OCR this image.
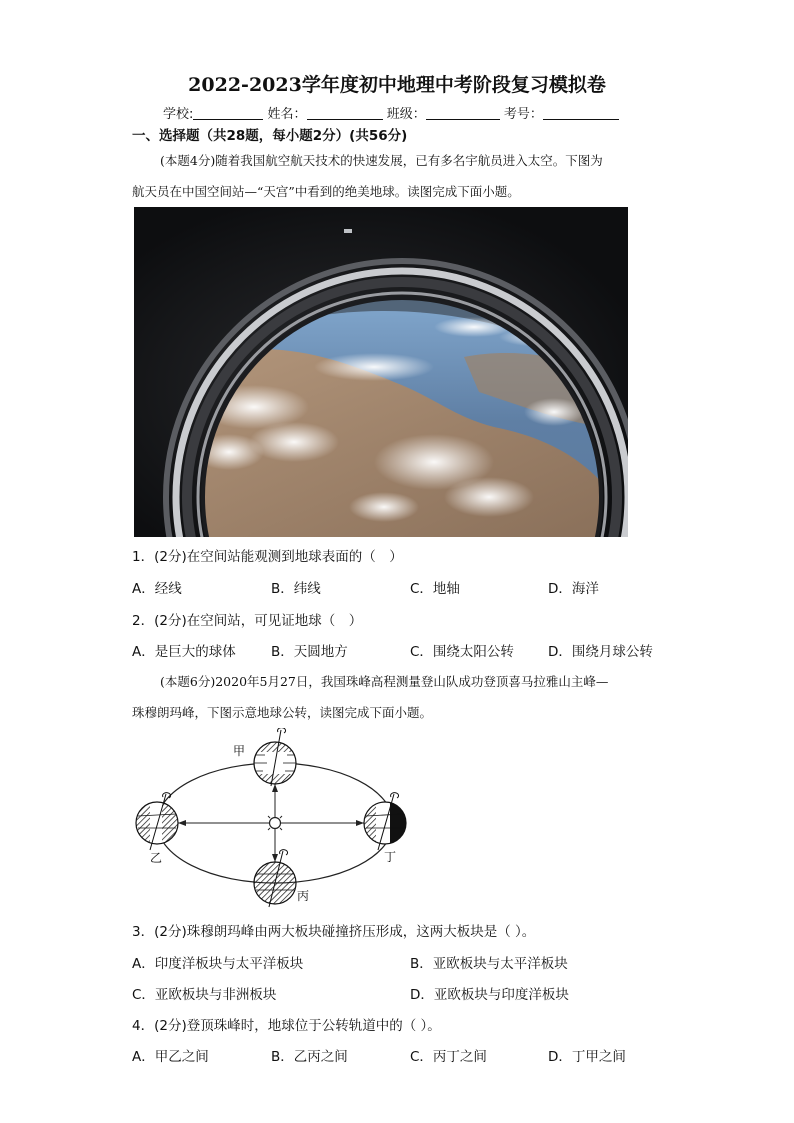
2022-2023学年度初中地理中考阶段复习模拟卷
学校:	姓名：	班级：	考号：
一、选择题（共28题，每小题2分）(共56分)
(本题4分)随着我国航空航天技术的快速发展，已有多名宇航员进入太空。下图为
航天员在中国空间站—“天宫”中看到的绝美地球。读图完成下面小题。
1．(2分)在空间站能观测到地球表面的（　）
A．经线	B．纬线	C．地轴	D．海洋
2．(2分)在空间站，可见证地球（　）
A．是巨大的球体	B．天圆地方	C．围绕太阳公转	D．围绕月球公转
(本题6分)2020年5月27日，我国珠峰高程测量登山队成功登顶喜马拉雅山主峰—
珠穆朗玛峰，下图示意地球公转，读图完成下面小题。
甲
乙
丙
丁
3．(2分)珠穆朗玛峰由两大板块碰撞挤压形成，这两大板块是（ ）。
A．印度洋板块与太平洋板块	B．亚欧板块与太平洋板块
C．亚欧板块与非洲板块	D．亚欧板块与印度洋板块
4．(2分)登顶珠峰时，地球位于公转轨道中的（ ）。
A．甲乙之间	B．乙丙之间	C．丙丁之间	D．丁甲之间
